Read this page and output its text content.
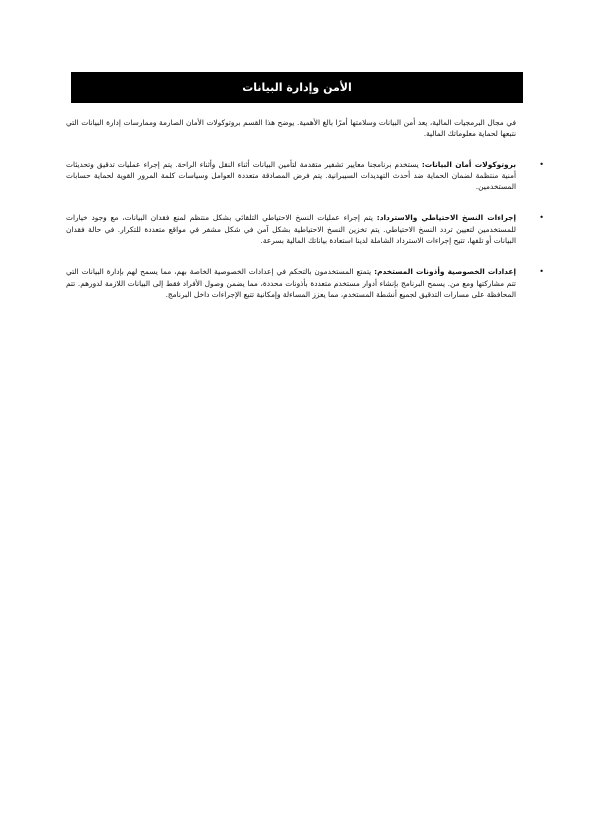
الأمن وإدارة البيانات

في مجال البرمجيات المالية، يعد أمن البيانات وسلامتها أمرًا بالغ الأهمية. يوضح هذا القسم بروتوكولات الأمان الصارمة وممارسات إدارة البيانات التي نتبعها لحماية معلوماتك المالية.

•
بروتوكولات أمان البيانات: يستخدم برنامجنا معايير تشفير متقدمة لتأمين البيانات أثناء النقل وأثناء الراحة. يتم إجراء عمليات تدقيق وتحديثات أمنية منتظمة لضمان الحماية ضد أحدث التهديدات السيبرانية. يتم فرض المصادقة متعددة العوامل وسياسات كلمة المرور القوية لحماية حسابات المستخدمين.
•
إجراءات النسخ الاحتياطي والاسترداد: يتم إجراء عمليات النسخ الاحتياطي التلقائي بشكل منتظم لمنع فقدان البيانات، مع وجود خيارات للمستخدمين لتعيين تردد النسخ الاحتياطي. يتم تخزين النسخ الاحتياطية بشكل آمن في شكل مشفر في مواقع متعددة للتكرار. في حالة فقدان البيانات أو تلفها، تتيح إجراءات الاسترداد الشاملة لدينا استعادة بياناتك المالية بسرعة.
•
إعدادات الخصوصية وأذونات المستخدم: يتمتع المستخدمون بالتحكم في إعدادات الخصوصية الخاصة بهم، مما يسمح لهم بإدارة البيانات التي تتم مشاركتها ومع من. يسمح البرنامج بإنشاء أدوار مستخدم متعددة بأذونات محددة، مما يضمن وصول الأفراد فقط إلى البيانات اللازمة لدورهم. تتم المحافظة على مسارات التدقيق لجميع أنشطة المستخدم، مما يعزز المساءلة وإمكانية تتبع الإجراءات داخل البرنامج.
